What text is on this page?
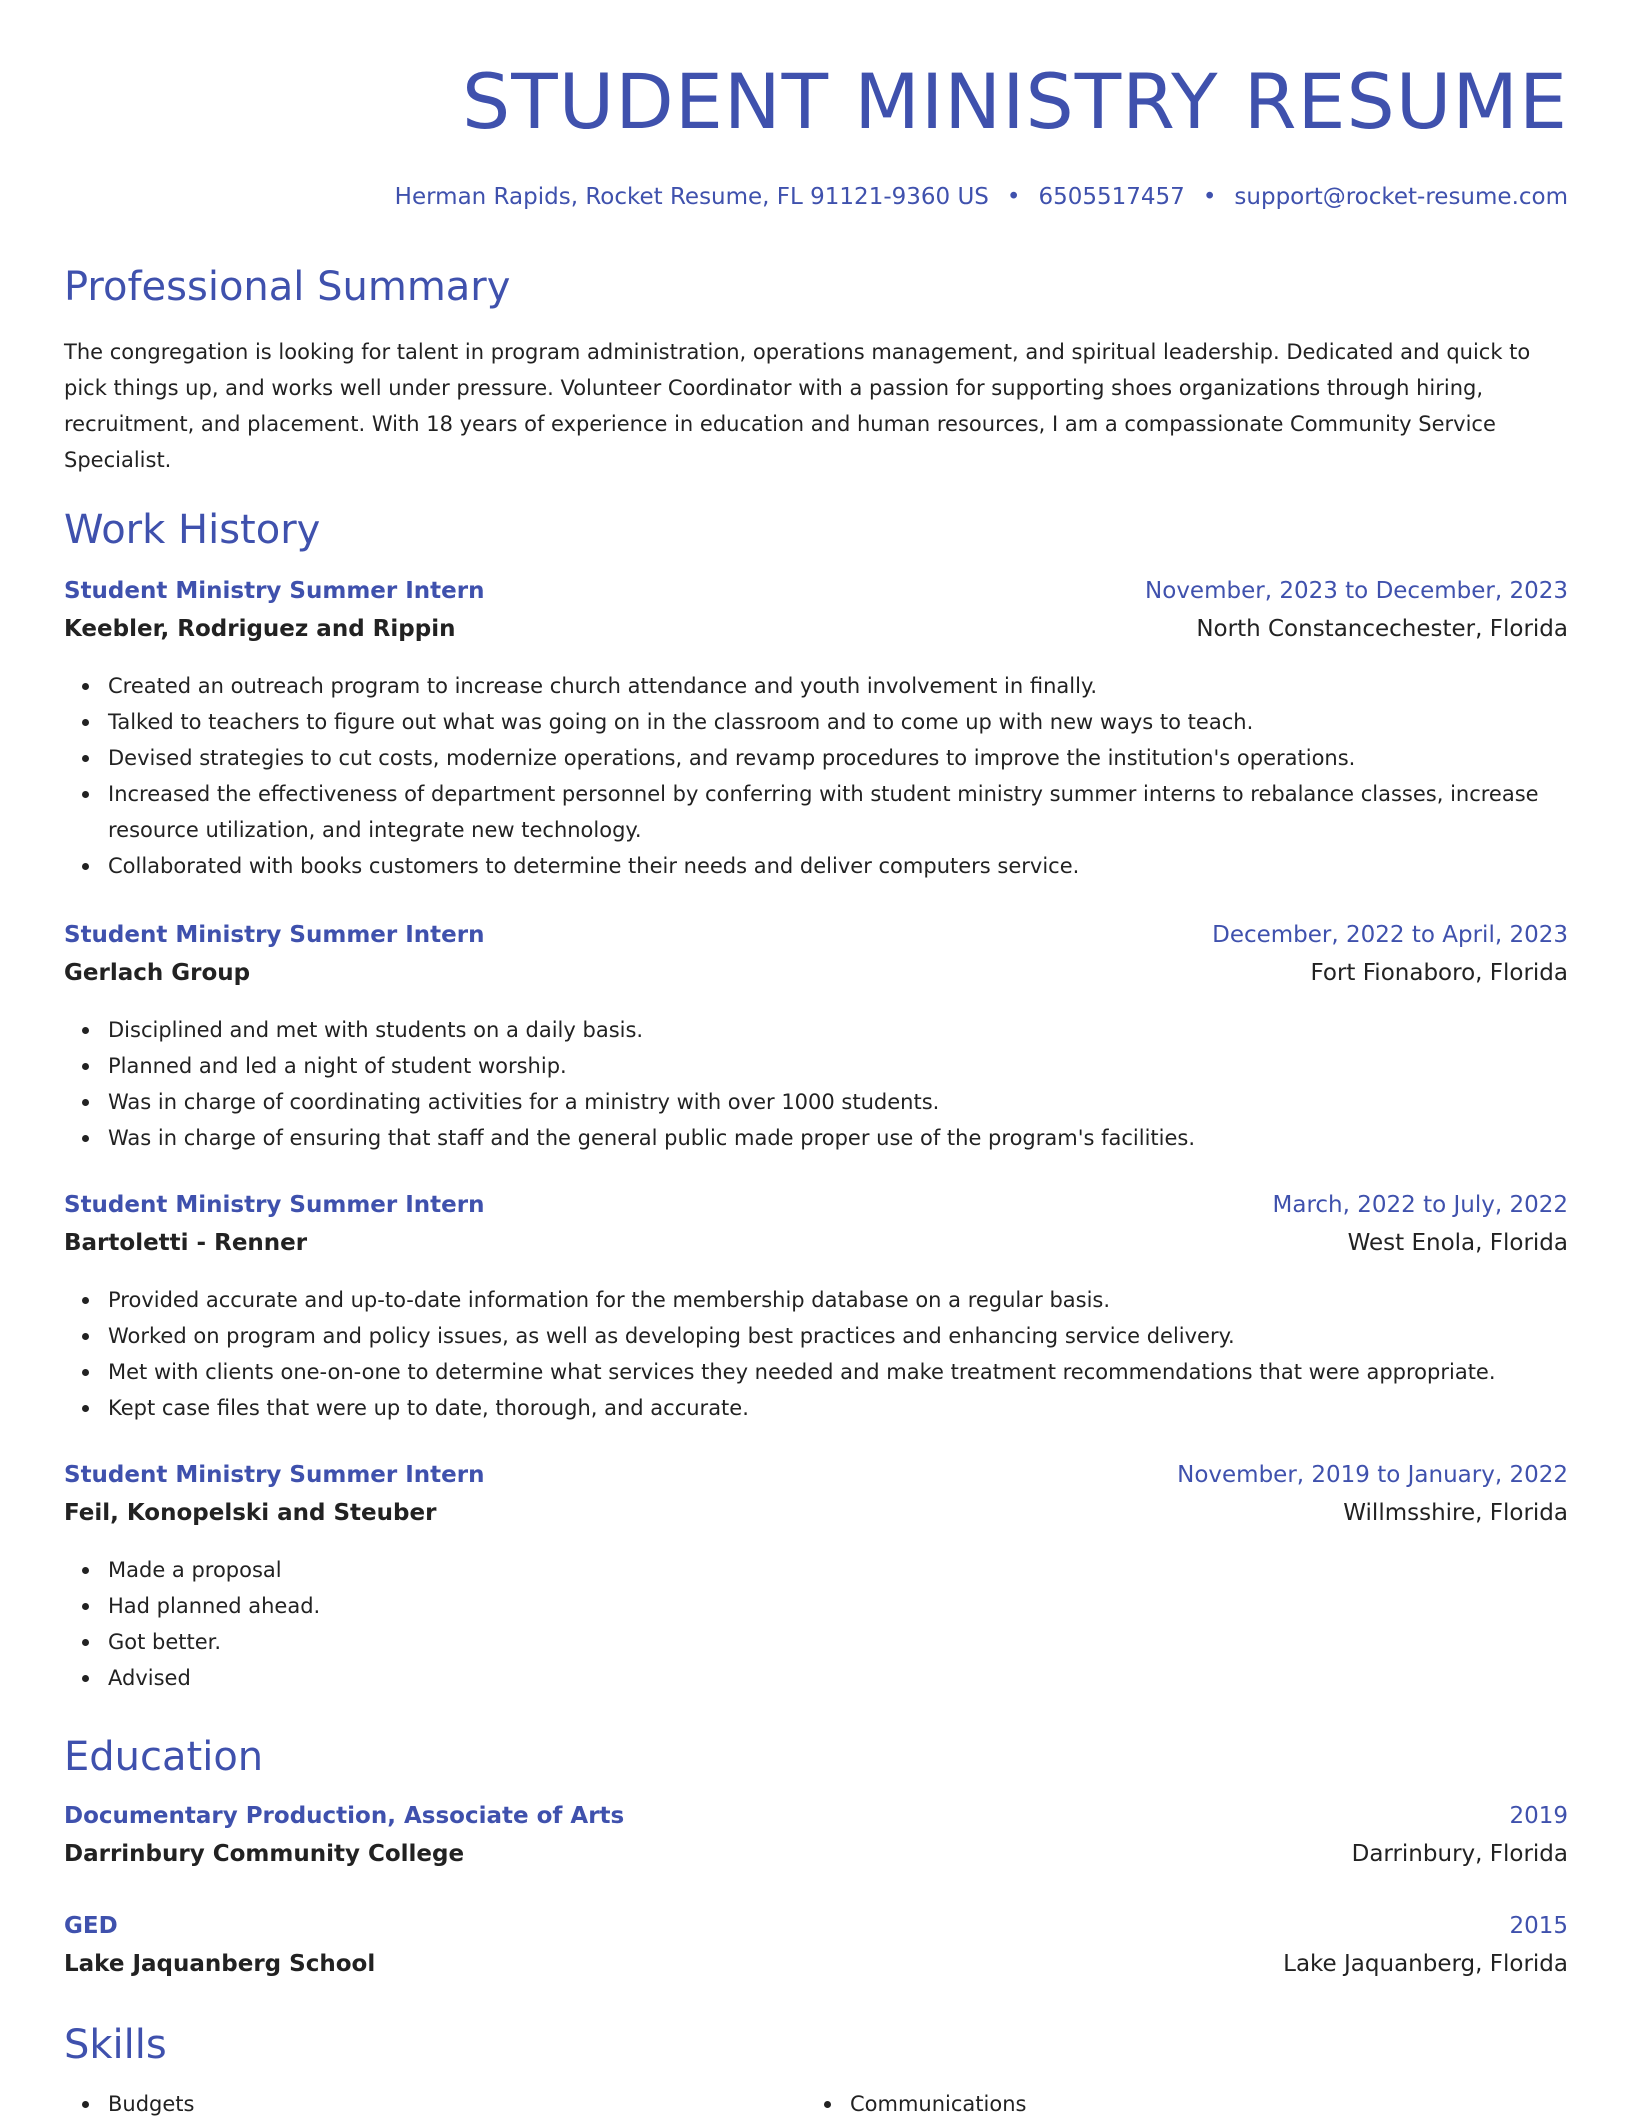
STUDENT MINISTRY RESUME
Herman Rapids, Rocket Resume, FL 91121-9360 US • 6505517457 • support@rocket-resume.com
Professional Summary

The congregation is looking for talent in program administration, operations management, and spiritual leadership. Dedicated and quick to pick things up, and works well under pressure. Volunteer Coordinator with a passion for supporting shoes organizations through hiring, recruitment, and placement. With 18 years of experience in education and human resources, I am a compassionate Community Service Specialist.

Work History
Student Ministry Summer Intern	November, 2023 to December, 2023
Keebler, Rodriguez and Rippin	North Constancechester, Florida
Created an outreach program to increase church attendance and youth involvement in finally.
Talked to teachers to figure out what was going on in the classroom and to come up with new ways to teach.
Devised strategies to cut costs, modernize operations, and revamp procedures to improve the institution's operations.
Increased the effectiveness of department personnel by conferring with student ministry summer interns to rebalance classes, increase resource utilization, and integrate new technology.
Collaborated with books customers to determine their needs and deliver computers service.
Student Ministry Summer Intern	December, 2022 to April, 2023
Gerlach Group	Fort Fionaboro, Florida
Disciplined and met with students on a daily basis.
Planned and led a night of student worship.
Was in charge of coordinating activities for a ministry with over 1000 students.
Was in charge of ensuring that staff and the general public made proper use of the program's facilities.
Student Ministry Summer Intern	March, 2022 to July, 2022
Bartoletti - Renner	West Enola, Florida
Provided accurate and up-to-date information for the membership database on a regular basis.
Worked on program and policy issues, as well as developing best practices and enhancing service delivery.
Met with clients one-on-one to determine what services they needed and make treatment recommendations that were appropriate.
Kept case files that were up to date, thorough, and accurate.
Student Ministry Summer Intern	November, 2019 to January, 2022
Feil, Konopelski and Steuber	Willmsshire, Florida
Made a proposal
Had planned ahead.
Got better.
Advised
Education
Documentary Production, Associate of Arts	2019
Darrinbury Community College	Darrinbury, Florida
GED	2015
Lake Jaquanberg School	Lake Jaquanberg, Florida
Skills
Budgets	Communications
